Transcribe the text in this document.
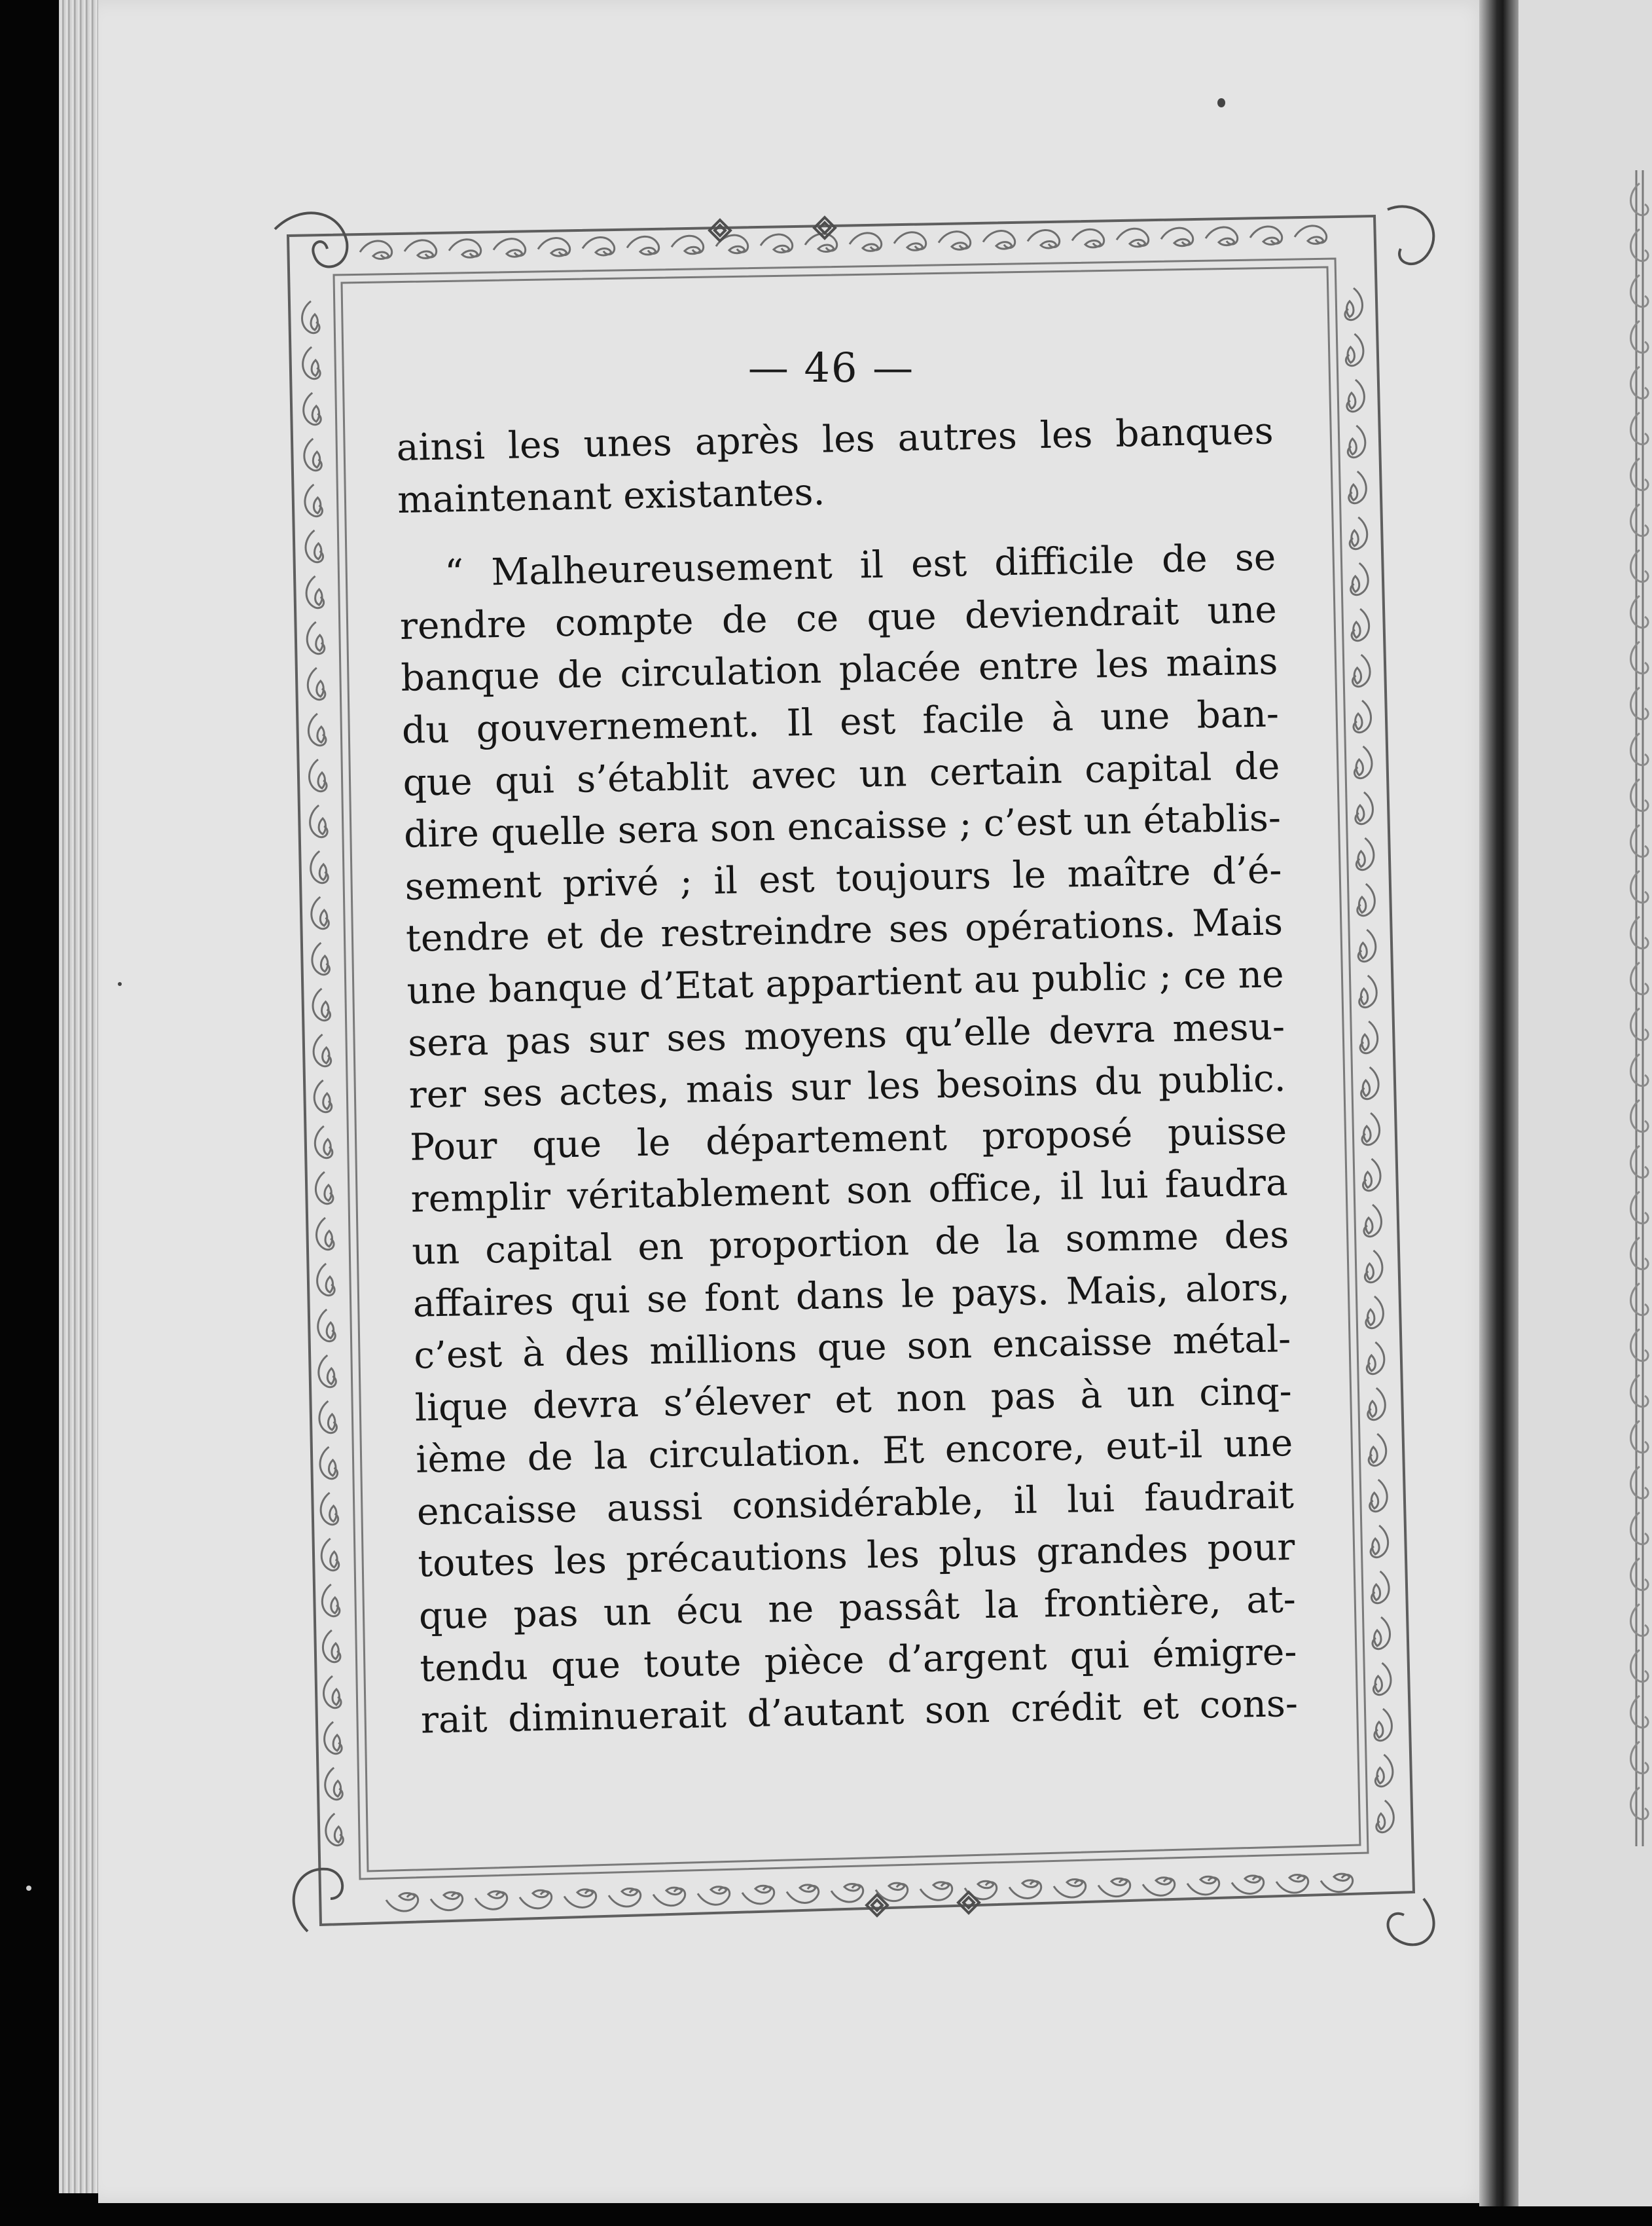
— 46 —
ainsi les unes après les autres les banques
maintenant existantes.
“ Malheureusement il est difficile de se
rendre compte de ce que deviendrait une
banque de circulation placée entre les mains
du gouvernement. Il est facile à une ban-
que qui s’établit avec un certain capital de
dire quelle sera son encaisse ; c’est un établis-
sement privé ; il est toujours le maître d’é-
tendre et de restreindre ses opérations. Mais
une banque d’Etat appartient au public ; ce ne
sera pas sur ses moyens qu’elle devra mesu-
rer ses actes, mais sur les besoins du public.
Pour que le département proposé puisse
remplir véritablement son office, il lui faudra
un capital en proportion de la somme des
affaires qui se font dans le pays. Mais, alors,
c’est à des millions que son encaisse métal-
lique devra s’élever et non pas à un cinq-
ième de la circulation. Et encore, eut-il une
encaisse aussi considérable, il lui faudrait
toutes les précautions les plus grandes pour
que pas un écu ne passât la frontière, at-
tendu que toute pièce d’argent qui émigre-
rait diminuerait d’autant son crédit et cons-
